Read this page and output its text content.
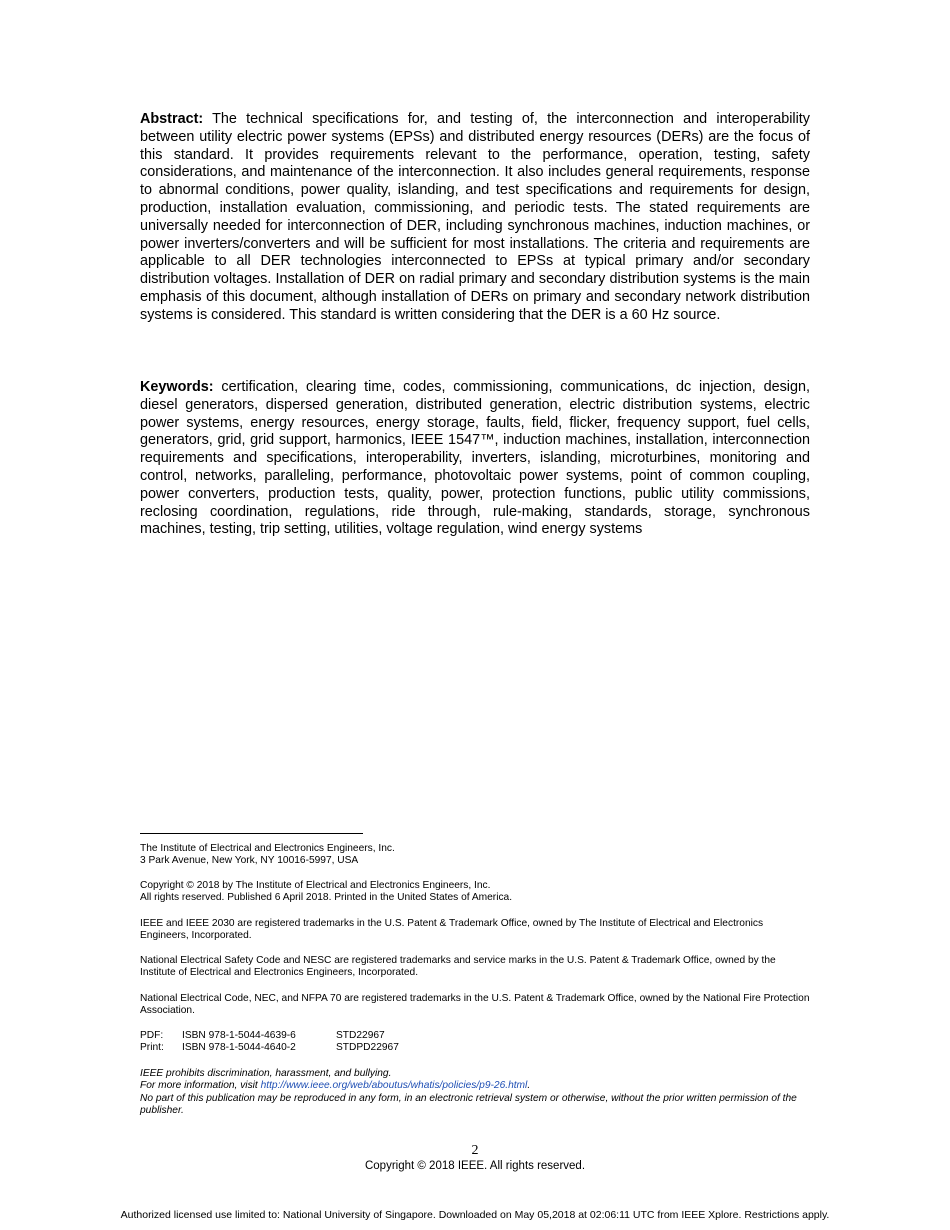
Abstract: The technical specifications for, and testing of, the interconnection and interoperability between utility electric power systems (EPSs) and distributed energy resources (DERs) are the focus of this standard. It provides requirements relevant to the performance, operation, testing, safety considerations, and maintenance of the interconnection. It also includes general requirements, response to abnormal conditions, power quality, islanding, and test specifications and requirements for design, production, installation evaluation, commissioning, and periodic tests. The stated requirements are universally needed for interconnection of DER, including synchronous machines, induction machines, or power inverters/converters and will be sufficient for most installations. The criteria and requirements are applicable to all DER technologies interconnected to EPSs at typical primary and/or secondary distribution voltages. Installation of DER on radial primary and secondary distribution systems is the main emphasis of this document, although installation of DERs on primary and secondary network distribution systems is considered. This standard is written considering that the DER is a 60 Hz source.

Keywords: certification, clearing time, codes, commissioning, communications, dc injection, design, diesel generators, dispersed generation, distributed generation, electric distribution systems, electric power systems, energy resources, energy storage, faults, field, flicker, frequency support, fuel cells, generators, grid, grid support, harmonics, IEEE 1547™, induction machines, installation, interconnection requirements and specifications, interoperability, inverters, islanding, microturbines, monitoring and control, networks, paralleling, performance, photovoltaic power systems, point of common coupling, power converters, production tests, quality, power, protection functions, public utility commissions, reclosing coordination, regulations, ride through, rule-making, standards, storage, synchronous machines, testing, trip setting, utilities, voltage regulation, wind energy systems

The Institute of Electrical and Electronics Engineers, Inc.
3 Park Avenue, New York, NY 10016-5997, USA
Copyright © 2018 by The Institute of Electrical and Electronics Engineers, Inc.
All rights reserved. Published 6 April 2018. Printed in the United States of America.
IEEE and IEEE 2030 are registered trademarks in the U.S. Patent & Trademark Office, owned by The Institute of Electrical and Electronics Engineers, Incorporated.
National Electrical Safety Code and NESC are registered trademarks and service marks in the U.S. Patent & Trademark Office, owned by the Institute of Electrical and Electronics Engineers, Incorporated.
National Electrical Code, NEC, and NFPA 70 are registered trademarks in the U.S. Patent & Trademark Office, owned by the National Fire Protection Association.
PDF:	ISBN 978-1-5044-4639-6	STD22967
Print:	ISBN 978-1-5044-4640-2	STDPD22967
IEEE prohibits discrimination, harassment, and bullying.
For more information, visit http://www.ieee.org/web/aboutus/whatis/policies/p9-26.html.
No part of this publication may be reproduced in any form, in an electronic retrieval system or otherwise, without the prior written permission of the publisher.
2
Copyright © 2018 IEEE. All rights reserved.
Authorized licensed use limited to: National University of Singapore. Downloaded on May 05,2018 at 02:06:11 UTC from IEEE Xplore. Restrictions apply.
